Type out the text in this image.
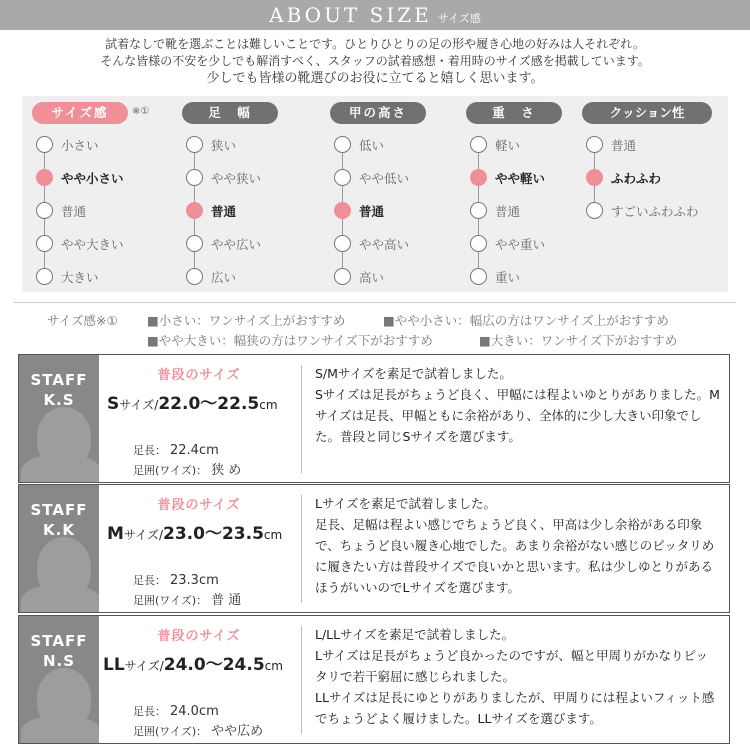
ABOUT SIZE サイズ感
試着なしで靴を選ぶことは難しいことです。ひとりひとりの足の形や履き心地の好みは人それぞれ。
そんな皆様の不安を少しでも解消すべく、スタッフの試着感想・着用時のサイズ感を掲載しています。
少しでも皆様の靴選びのお役に立てると嬉しく思います。
サイズ感	※①
小さい
やや小さい
普通
やや大きい
大きい
足　幅
狭い
やや狭い
普通
やや広い
広い
甲の高さ
低い
やや低い
普通
やや高い
高い
重　さ
軽い
やや軽い
普通
やや重い
重い
クッション性
普通
ふわふわ
すごいふわふわ
サイズ感※① ■小さい：ワンサイズ上がおすすめ	■やや小さい：幅広の方はワンサイズ上がおすすめ
■やや大きい：幅狭の方はワンサイズ下がおすすめ	■大きい：ワンサイズ下がおすすめ
STAFF
K.S
普段のサイズ
Sサイズ/22.0〜22.5cm
足長： 22.4cm
足囲(ワイズ)： 狭 め
S/Mサイズを素足で試着しました。
Sサイズは足長がちょうど良く、甲幅には程よいゆとりがありました。M
サイズは足長、甲幅ともに余裕があり、全体的に少し大きい印象でし
た。普段と同じSサイズを選びます。
STAFF
K.K
普段のサイズ
Mサイズ/23.0〜23.5cm
足長： 23.3cm
足囲(ワイズ)： 普 通
Lサイズを素足で試着しました。
足長、足幅は程よい感じでちょうど良く、甲高は少し余裕がある印象
で、ちょうど良い履き心地でした。あまり余裕がない感じのピッタリめ
に履きたい方は普段サイズで良いかと思います。私は少しゆとりがある
ほうがいいのでLサイズを選びます。
STAFF
N.S
普段のサイズ
LLサイズ/24.0〜24.5cm
足長： 24.0cm
足囲(ワイズ)： やや広め
L/LLサイズを素足で試着しました。
Lサイズは足長がちょうど良かったのですが、幅と甲周りがかなりピッ
タリで若干窮屈に感じられました。
LLサイズは足長にゆとりがありましたが、甲周りには程よいフィット感
でちょうどよく履けました。LLサイズを選びます。
